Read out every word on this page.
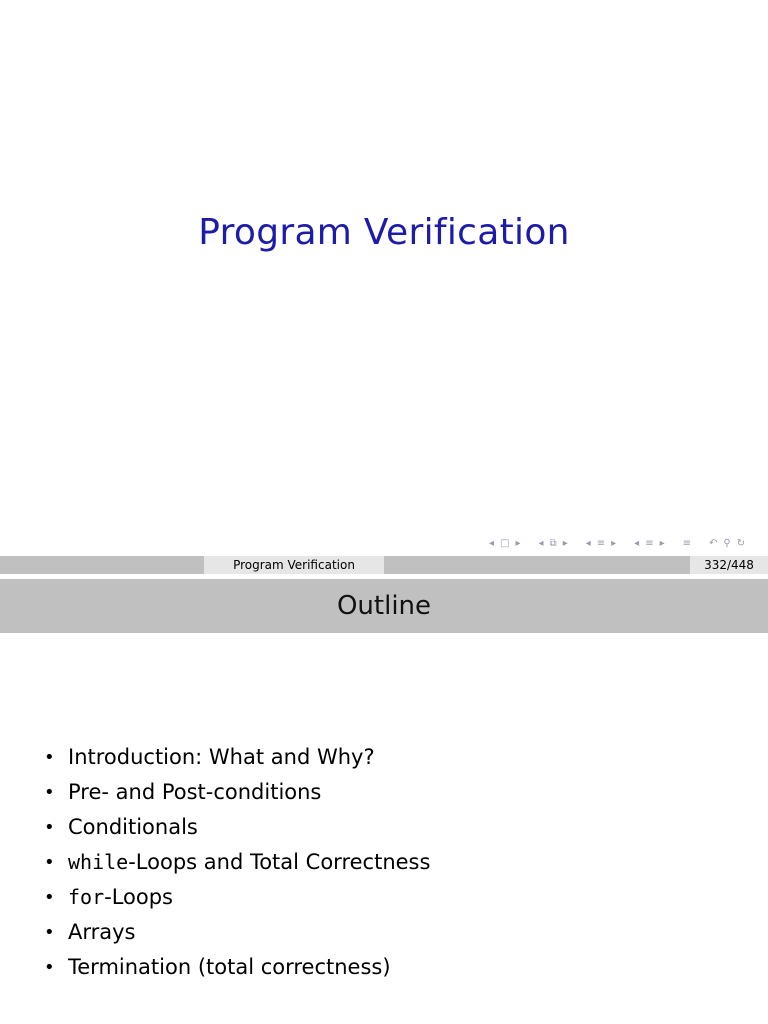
Program Verification
◂ □ ▸	◂ ⧉ ▸	◂ ≡ ▸	◂ ≡ ▸	≡	↶ ⚲ ↻
Program Verification	332/448
Outline
• Introduction: What and Why?
• Pre- and Post-conditions
• Conditionals
• while-Loops and Total Correctness
• for-Loops
• Arrays
• Termination (total correctness)
